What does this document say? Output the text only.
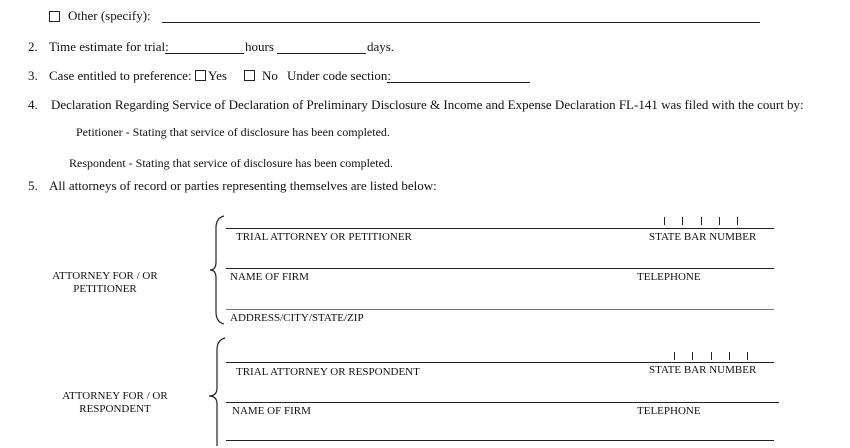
Other (specify):
2. Time estimate for trial:	hours	days.
3. Case entitled to preference: Yes	No Under code section:
4. Declaration Regarding Service of Declaration of Preliminary Disclosure & Income and Expense Declaration FL-141 was filed with the court by:
Petitioner - Stating that service of disclosure has been completed.
Respondent - Stating that service of disclosure has been completed.
5. All attorneys of record or parties representing themselves are listed below:
ATTORNEY FOR / OR
PETITIONER
TRIAL ATTORNEY OR PETITIONER	STATE BAR NUMBER
NAME OF FIRM	TELEPHONE
ADDRESS/CITY/STATE/ZIP
ATTORNEY FOR / OR
RESPONDENT
TRIAL ATTORNEY OR RESPONDENT	STATE BAR NUMBER
NAME OF FIRM	TELEPHONE
